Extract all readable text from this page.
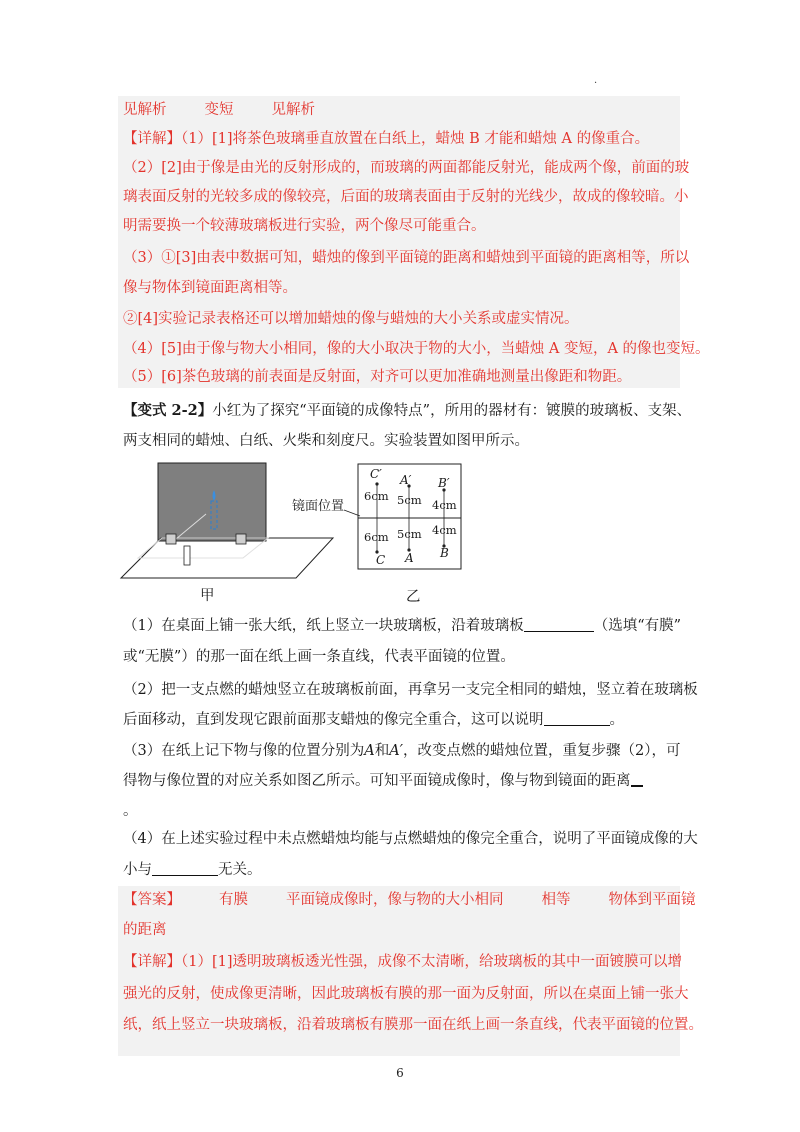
·
见解析	变短	见解析
【详解】（1）[1]将茶色玻璃垂直放置在白纸上，蜡烛 B 才能和蜡烛 A 的像重合。
（2）[2]由于像是由光的反射形成的，而玻璃的两面都能反射光，能成两个像，前面的玻
璃表面反射的光较多成的像较亮，后面的玻璃表面由于反射的光线少，故成的像较暗。小
明需要换一个较薄玻璃板进行实验，两个像尽可能重合。
（3）①[3]由表中数据可知，蜡烛的像到平面镜的距离和蜡烛到平面镜的距离相等，所以
像与物体到镜面距离相等。
②[4]实验记录表格还可以增加蜡烛的像与蜡烛的大小关系或虚实情况。
（4）[5]由于像与物大小相同，像的大小取决于物的大小，当蜡烛 A 变短，A 的像也变短。
（5）[6]茶色玻璃的前表面是反射面，对齐可以更加准确地测量出像距和物距。
【变式 2-2】小红为了探究“平面镜的成像特点”，所用的器材有：镀膜的玻璃板、支架、
两支相同的蜡烛、白纸、火柴和刻度尺。实验装置如图甲所示。
甲
镜面位置
C′ A′ B′
6cm 5cm 4cm
6cm 5cm 4cm
C A B
乙
（1）在桌面上铺一张大纸，纸上竖立一块玻璃板，沿着玻璃板	（选填“有膜”
或“无膜”）的那一面在纸上画一条直线，代表平面镜的位置。
（2）把一支点燃的蜡烛竖立在玻璃板前面，再拿另一支完全相同的蜡烛，竖立着在玻璃板
后面移动，直到发现它跟前面那支蜡烛的像完全重合，这可以说明	。
（3）在纸上记下物与像的位置分别为A和A′，改变点燃的蜡烛位置，重复步骤（2），可
得物与像位置的对应关系如图乙所示。可知平面镜成像时，像与物到镜面的距离
。
（4）在上述实验过程中未点燃蜡烛均能与点燃蜡烛的像完全重合，说明了平面镜成像的大
小与	无关。
【答案】	有膜	平面镜成像时，像与物的大小相同	相等	物体到平面镜
的距离
【详解】（1）[1]透明玻璃板透光性强，成像不太清晰，给玻璃板的其中一面镀膜可以增
强光的反射，使成像更清晰，因此玻璃板有膜的那一面为反射面，所以在桌面上铺一张大
纸，纸上竖立一块玻璃板，沿着玻璃板有膜那一面在纸上画一条直线，代表平面镜的位置。
6
